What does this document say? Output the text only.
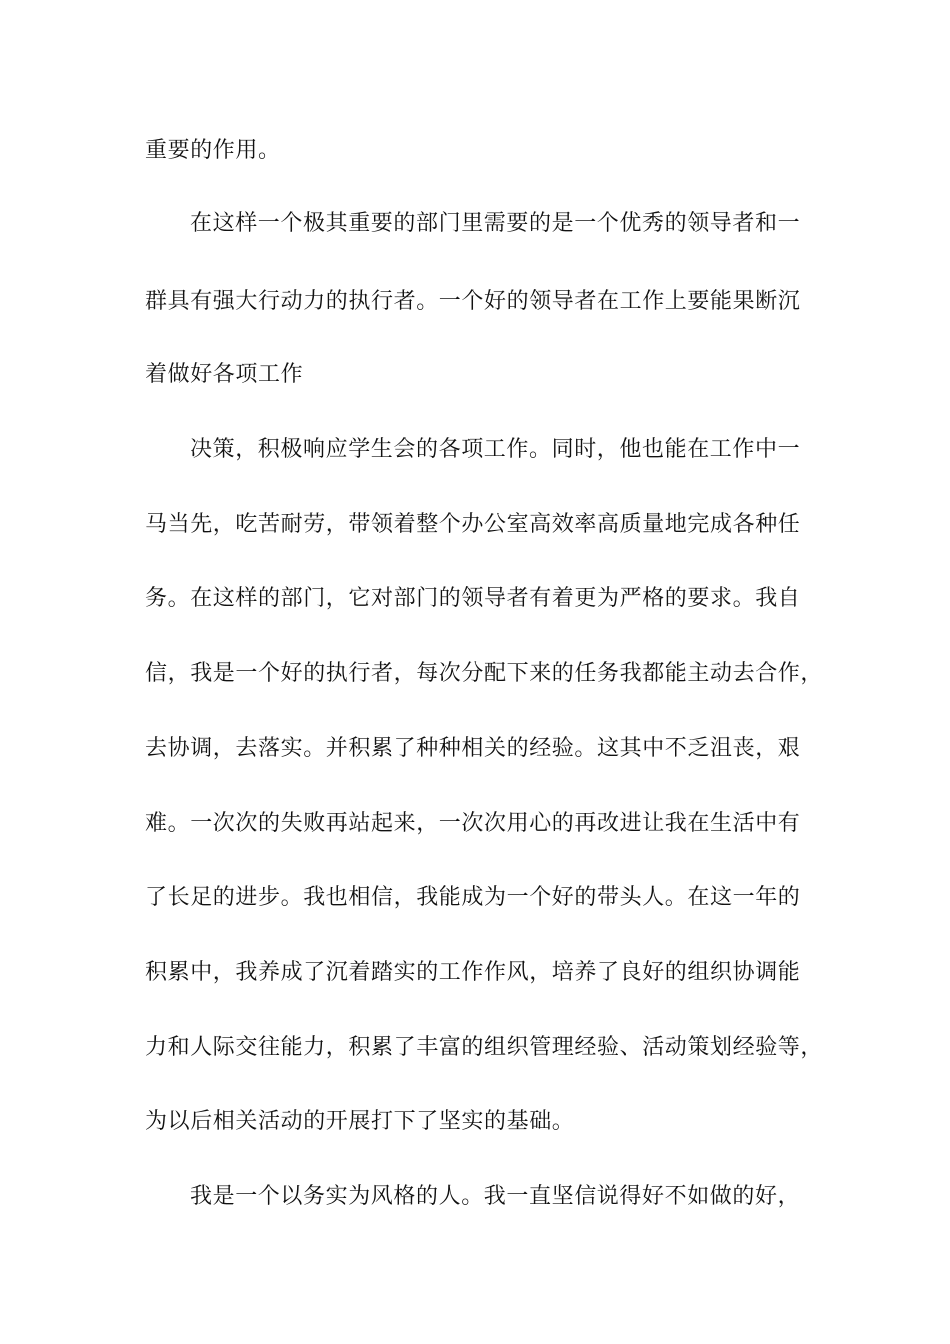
重要的作用。
在这样一个极其重要的部门里需要的是一个优秀的领导者和一
群具有强大行动力的执行者。一个好的领导者在工作上要能果断沉
着做好各项工作
决策，积极响应学生会的各项工作。同时，他也能在工作中一
马当先，吃苦耐劳，带领着整个办公室高效率高质量地完成各种任
务。在这样的部门，它对部门的领导者有着更为严格的要求。我自
信，我是一个好的执行者，每次分配下来的任务我都能主动去合作，
去协调，去落实。并积累了种种相关的经验。这其中不乏沮丧，艰
难。一次次的失败再站起来，一次次用心的再改进让我在生活中有
了长足的进步。我也相信，我能成为一个好的带头人。在这一年的
积累中，我养成了沉着踏实的工作作风，培养了良好的组织协调能
力和人际交往能力，积累了丰富的组织管理经验、活动策划经验等，
为以后相关活动的开展打下了坚实的基础。
我是一个以务实为风格的人。我一直坚信说得好不如做的好，
